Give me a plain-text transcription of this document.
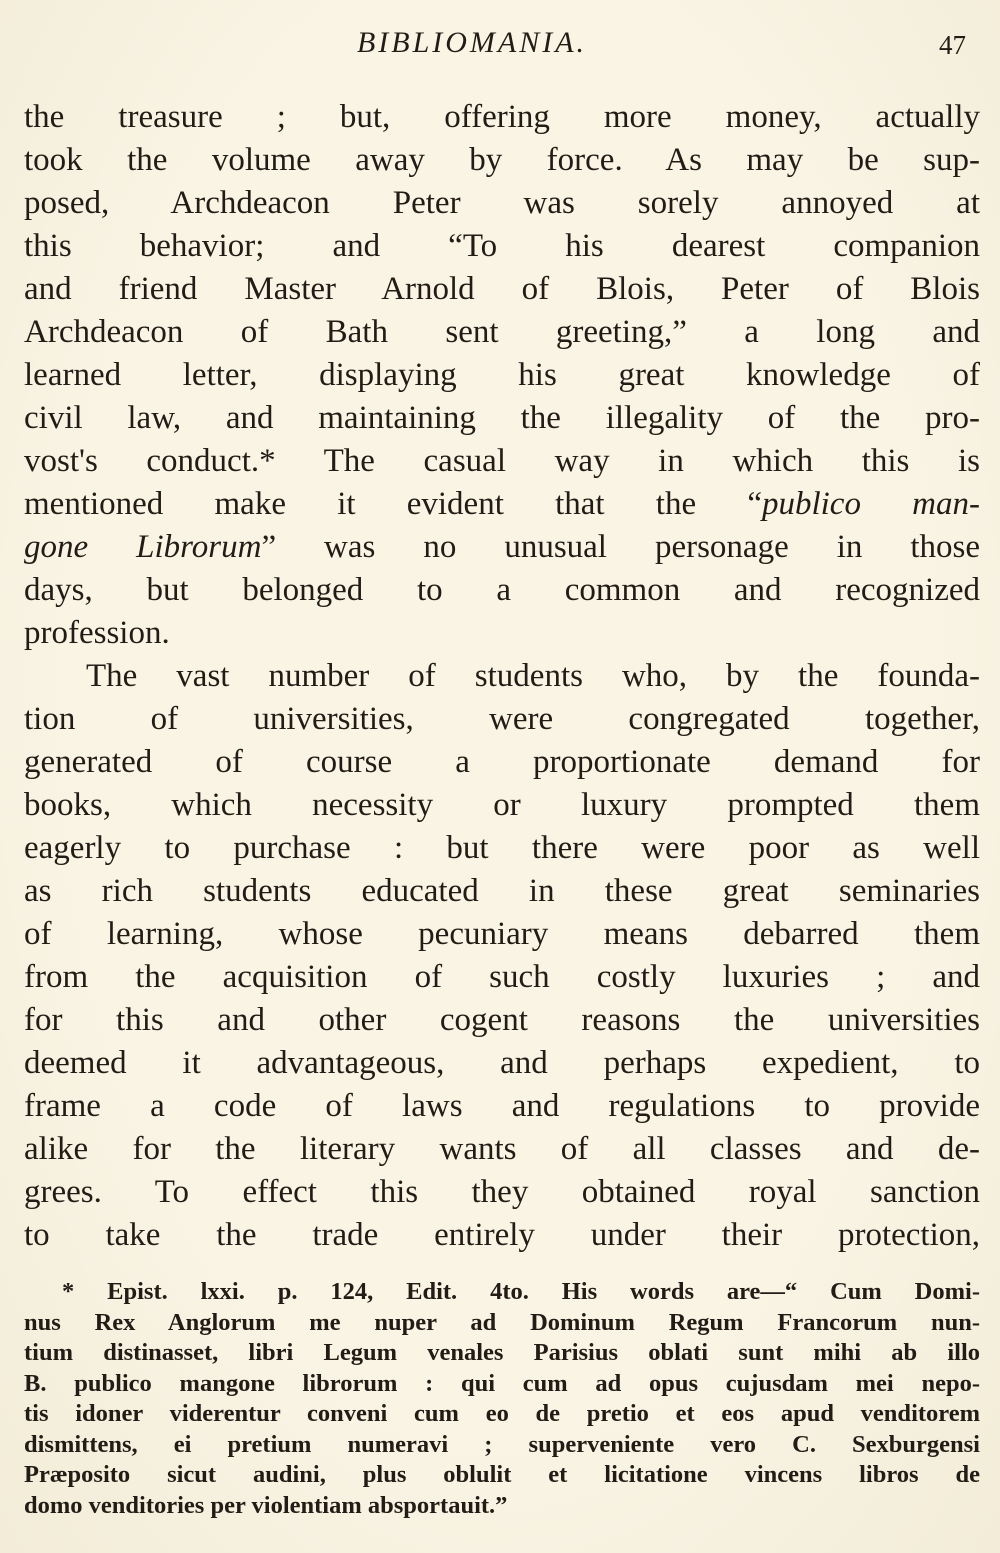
BIBLIOMANIA.	47
the treasure ; but, offering more money, actually
took the volume away by force. As may be sup-
posed, Archdeacon Peter was sorely annoyed at
this behavior; and “To his dearest companion
and friend Master Arnold of Blois, Peter of Blois
Archdeacon of Bath sent greeting,” a long and
learned letter, displaying his great knowledge of
civil law, and maintaining the illegality of the pro-
vost's conduct.* The casual way in which this is
mentioned make it evident that the “publico man-
gone Librorum” was no unusual personage in those
days, but belonged to a common and recognized
profession.
The vast number of students who, by the founda-
tion of universities, were congregated together,
generated of course a proportionate demand for
books, which necessity or luxury prompted them
eagerly to purchase : but there were poor as well
as rich students educated in these great seminaries
of learning, whose pecuniary means debarred them
from the acquisition of such costly luxuries ; and
for this and other cogent reasons the universities
deemed it advantageous, and perhaps expedient, to
frame a code of laws and regulations to provide
alike for the literary wants of all classes and de-
grees. To effect this they obtained royal sanction
to take the trade entirely under their protection,
* Epist. lxxi. p. 124, Edit. 4to. His words are—“ Cum Domi-
nus Rex Anglorum me nuper ad Dominum Regum Francorum nun-
tium distinasset, libri Legum venales Parisius oblati sunt mihi ab illo
B. publico mangone librorum : qui cum ad opus cujusdam mei nepo-
tis idoner viderentur conveni cum eo de pretio et eos apud venditorem
dismittens, ei pretium numeravi ; superveniente vero C. Sexburgensi
Præposito sicut audini, plus oblulit et licitatione vincens libros de
domo venditories per violentiam absportauit.”
